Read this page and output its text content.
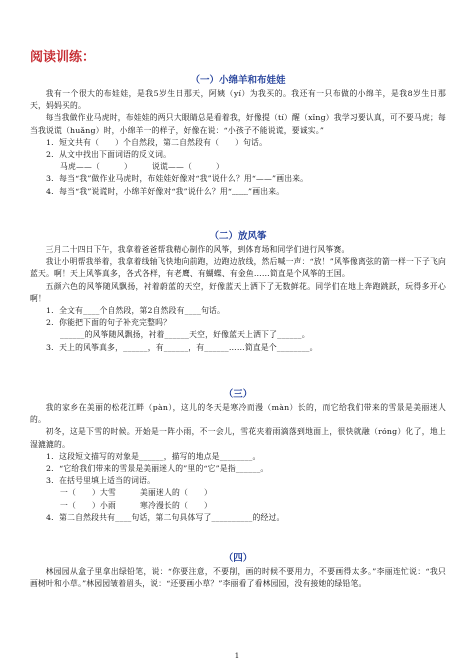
阅读训练：
（一）小绵羊和布娃娃

我有一个很大的布娃娃，是我5岁生日那天，阿姨（yí）为我买的。我还有一只布做的小绵羊，是我8岁生日那天，妈妈买的。

每当我做作业马虎时，布娃娃的两只大眼睛总是看着我，好像提（tí）醒（xǐng）我学习要认真，可不要马虎；每当我说谎（huǎng）时，小绵羊一的样子，好像在说：“小孩子不能说谎，要诚实。”

1．短文共有（　　）个自然段，第二自然段有（　　）句话。

2．从文中找出下面词语的反义词。

马虎——（　　　）　　　说谎——（　　　）

3．每当“我”做作业马虎时，布娃娃好像对“我”说什么？用“——”画出来。

4．每当“我”说谎时，小绵羊好像对“我”说什么？用“﹏﹏”画出来。

（二）放风筝

三月二十四日下午，我拿着爸爸帮我精心制作的风筝，到体育场和同学们进行风筝赛。

我让小明帮我举着，我拿着线轴飞快地向前跑，边跑边放线，然后喊一声：“放！”风筝像离弦的箭一样一下子飞向蓝天。啊！天上风筝真多，各式各样，有老鹰、有蝴蝶、有金鱼……简直是个风筝的王国。

五颜六色的风筝随风飘扬，衬着蔚蓝的天空，好像蓝天上洒下了无数鲜花。同学们在地上奔跑跳跃，玩得多开心啊！

1．全文有____个自然段，第2自然段有____句话。

2．你能把下面的句子补充完整吗？

______的风筝随风飘扬，衬着______天空，好像蓝天上洒下了______。

3．天上的风筝真多，______，有______，有______……简直是个________。

（三）

我的家乡在美丽的松花江畔（pàn），这儿的冬天是寒冷而漫（màn）长的，而它给我们带来的雪景是美丽迷人的。

初冬，这是下雪的时候。开始是一阵小雨，不一会儿，雪花夹着雨滴落到地面上，很快就融（róng）化了，地上湿漉漉的。

1．这段短文描写的对象是______，描写的地点是________。

2．“它给我们带来的雪景是美丽迷人的”里的“它”是指______。

3．在括号里填上适当的词语。

一（　　）大雪　　　美丽迷人的（　　）

一（　　）小雨　　　寒冷漫长的（　　）

4．第二自然段共有____句话，第二句具体写了__________的经过。

（四）

林园园从盒子里拿出绿铅笔，说：“你要注意，不要削，画的时候不要用力，不要画得太多。”李丽连忙说：“我只画树叶和小草。”林园园皱着眉头，说：“还要画小草？”李丽看了看林园园，没有接她的绿铅笔。

1
